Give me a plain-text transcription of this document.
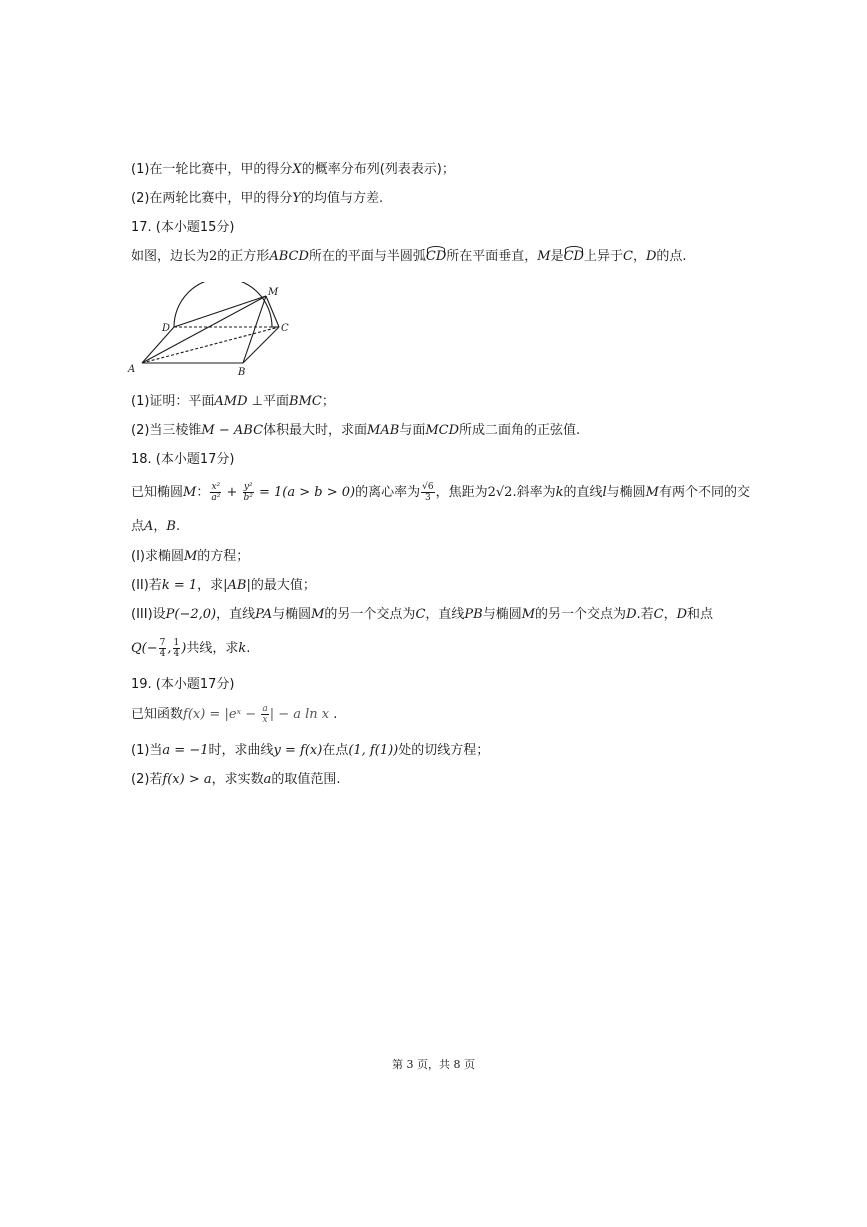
(1)在一轮比赛中，甲的得分X的概率分布列(列表表示)；
(2)在两轮比赛中，甲的得分Y的均值与方差.
17. (本小题15分)
如图，边长为2的正方形ABCD所在的平面与半圆弧CD所在平面垂直，M是CD上异于C，D的点.
A	B
C
D
M
(1)证明：平面AMD ⊥平面BMC；
(2)当三棱锥M − ABC体积最大时，求面MAB与面MCD所成二面角的正弦值.
18. (本小题17分)
已知椭圆M： $\frac{\text{x²}}{\text{a²}} + \frac{\text{y²}}{\text{b²}} = 1(a > b > 0)$的离心率为 $\frac{√6}{3}$ ，焦距为2√2.斜率为k的直线l与椭圆M有两个不同的交
点A，B.
(I)求椭圆M的方程；
(II)若k = 1，求|AB|的最大值；
(III)设P(−2,0)，直线PA与椭圆M的另一个交点为C，直线PB与椭圆M的另一个交点为D.若C，D和点
$Q(- \frac{7}{4}$ , $\frac{1}{4}$ )共线，求k.
19. (本小题17分)
已知函数f(x) = |eˣ − $\frac{a}{x}$ | − a ln x .
(1)当a = −1时，求曲线y = f(x)在点(1, f(1))处的切线方程；
(2)若f(x) > a，求实数a的取值范围.
第 3 页，共 8 页
